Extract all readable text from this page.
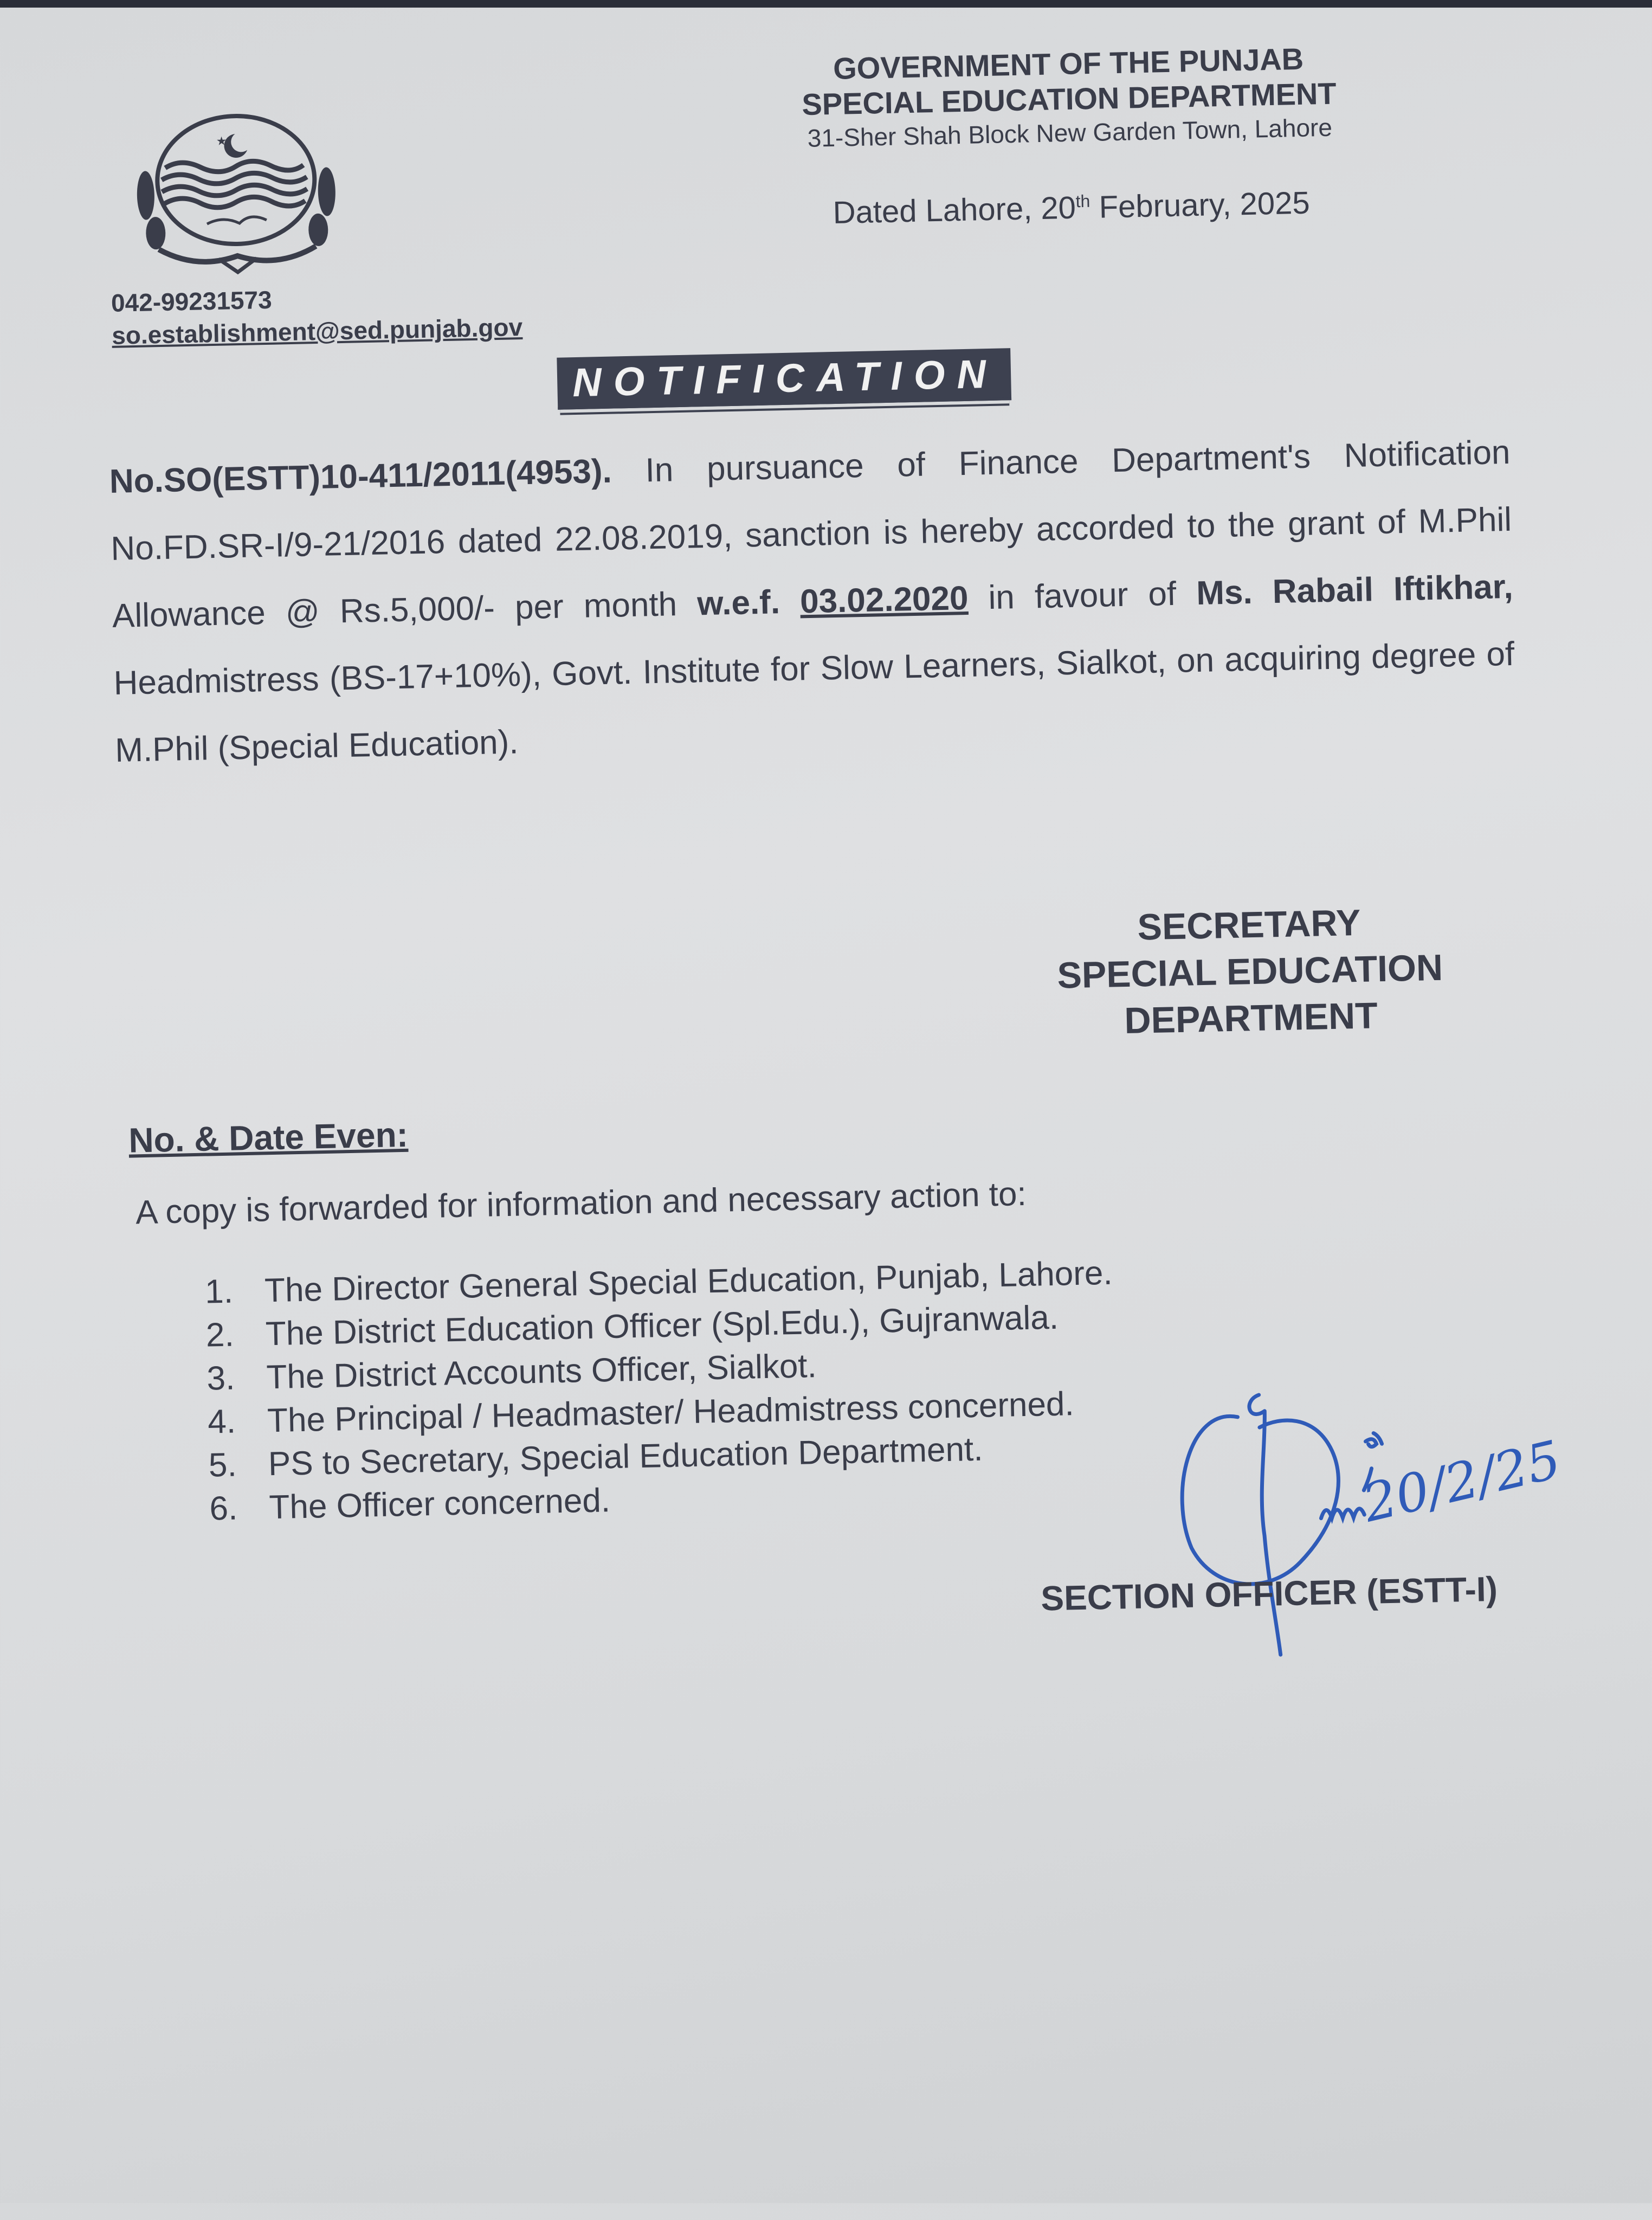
★
GOVERNMENT OF THE PUNJAB
SPECIAL EDUCATION DEPARTMENT
31-Sher Shah Block New Garden Town, Lahore
Dated Lahore, 20th February, 2025
042-99231573
so.establishment@sed.punjab.gov
NOTIFICATION
No.SO(ESTT)10-411/2011(4953). In pursuance of Finance Department's Notification No.FD.SR-I/9-21/2016 dated 22.08.2019, sanction is hereby accorded to the grant of M.Phil Allowance @ Rs.5,000/- per month w.e.f. 03.02.2020 in favour of Ms. Rabail Iftikhar, Headmistress (BS-17+10%), Govt. Institute for Slow Learners, Sialkot, on acquiring degree of M.Phil (Special Education).
SECRETARY
SPECIAL EDUCATION
DEPARTMENT
No. & Date Even:
A copy is forwarded for information and necessary action to:
1. The Director General Special Education, Punjab, Lahore.
2. The District Education Officer (Spl.Edu.), Gujranwala.
3. The District Accounts Officer, Sialkot.
4. The Principal / Headmaster/ Headmistress concerned.
5. PS to Secretary, Special Education Department.
6. The Officer concerned.	20/2/25
SECTION OFFICER (ESTT-I)
